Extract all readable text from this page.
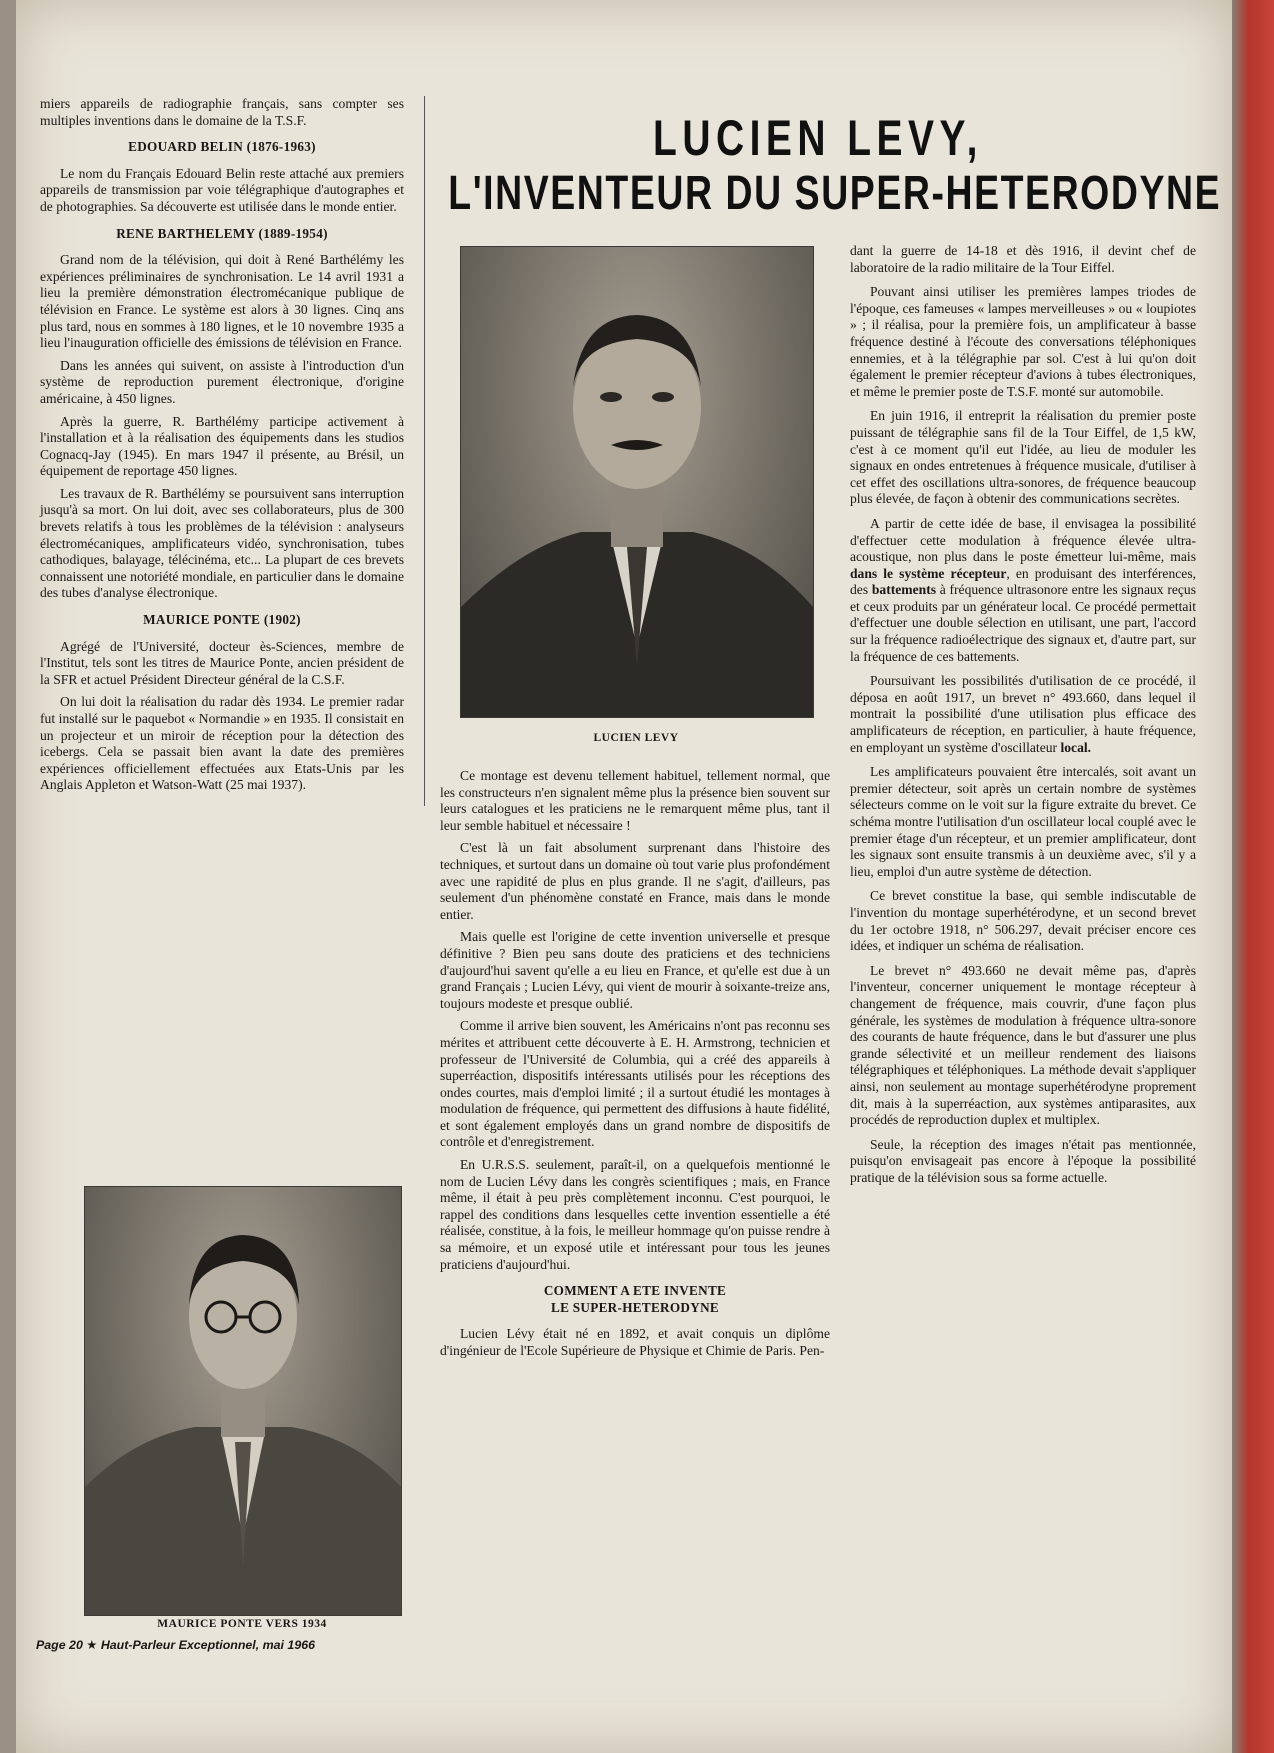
miers appareils de radiographie français, sans compter ses multiples inventions dans le domaine de la T.S.F.

EDOUARD BELIN (1876-1963)

Le nom du Français Edouard Belin reste attaché aux premiers appareils de transmission par voie télégraphique d'autographes et de photographies. Sa découverte est utilisée dans le monde entier.

RENE BARTHELEMY (1889-1954)

Grand nom de la télévision, qui doit à René Barthélémy les expériences préliminaires de synchronisation. Le 14 avril 1931 a lieu la première démonstration électromécanique publique de télévision en France. Le système est alors à 30 lignes. Cinq ans plus tard, nous en sommes à 180 lignes, et le 10 novembre 1935 a lieu l'inauguration officielle des émissions de télévision en France.

Dans les années qui suivent, on assiste à l'introduction d'un système de reproduction purement électronique, d'origine américaine, à 450 lignes.

Après la guerre, R. Barthélémy participe activement à l'installation et à la réalisation des équipements dans les studios Cognacq-Jay (1945). En mars 1947 il présente, au Brésil, un équipement de reportage 450 lignes.

Les travaux de R. Barthélémy se poursuivent sans interruption jusqu'à sa mort. On lui doit, avec ses collaborateurs, plus de 300 brevets relatifs à tous les problèmes de la télévision : analyseurs électromécaniques, amplificateurs vidéo, synchronisation, tubes cathodiques, balayage, télécinéma, etc... La plupart de ces brevets connaissent une notoriété mondiale, en particulier dans le domaine des tubes d'analyse électronique.

MAURICE PONTE (1902)

Agrégé de l'Université, docteur ès-Sciences, membre de l'Institut, tels sont les titres de Maurice Ponte, ancien président de la SFR et actuel Président Directeur général de la C.S.F.

On lui doit la réalisation du radar dès 1934. Le premier radar fut installé sur le paquebot « Normandie » en 1935. Il consistait en un projecteur et un miroir de réception pour la détection des icebergs. Cela se passait bien avant la date des premières expériences officiellement effectuées aux Etats-Unis par les Anglais Appleton et Watson-Watt (25 mai 1937).

LUCIEN LEVY,
L'INVENTEUR DU SUPER-HETERODYNE
LUCIEN LEVY
MAURICE PONTE VERS 1934
Page 20 ★ Haut-Parleur Exceptionnel, mai 1966

Ce montage est devenu tellement habituel, tellement normal, que les constructeurs n'en signalent même plus la présence bien souvent sur leurs catalogues et les praticiens ne le remarquent même plus, tant il leur semble habituel et nécessaire !

C'est là un fait absolument surprenant dans l'histoire des techniques, et surtout dans un domaine où tout varie plus profondément avec une rapidité de plus en plus grande. Il ne s'agit, d'ailleurs, pas seulement d'un phénomène constaté en France, mais dans le monde entier.

Mais quelle est l'origine de cette invention universelle et presque définitive ? Bien peu sans doute des praticiens et des techniciens d'aujourd'hui savent qu'elle a eu lieu en France, et qu'elle est due à un grand Français ; Lucien Lévy, qui vient de mourir à soixante-treize ans, toujours modeste et presque oublié.

Comme il arrive bien souvent, les Américains n'ont pas reconnu ses mérites et attribuent cette découverte à E. H. Armstrong, technicien et professeur de l'Université de Columbia, qui a créé des appareils à superréaction, dispositifs intéressants utilisés pour les réceptions des ondes courtes, mais d'emploi limité ; il a surtout étudié les montages à modulation de fréquence, qui permettent des diffusions à haute fidélité, et sont également employés dans un grand nombre de dispositifs de contrôle et d'enregistrement.

En U.R.S.S. seulement, paraît-il, on a quelquefois mentionné le nom de Lucien Lévy dans les congrès scientifiques ; mais, en France même, il était à peu près complètement inconnu. C'est pourquoi, le rappel des conditions dans lesquelles cette invention essentielle a été réalisée, constitue, à la fois, le meilleur hommage qu'on puisse rendre à sa mémoire, et un exposé utile et intéressant pour tous les jeunes praticiens d'aujourd'hui.

COMMENT A ETE INVENTE
LE SUPER-HETERODYNE

Lucien Lévy était né en 1892, et avait conquis un diplôme d'ingénieur de l'Ecole Supérieure de Physique et Chimie de Paris. Pen-

dant la guerre de 14-18 et dès 1916, il devint chef de laboratoire de la radio militaire de la Tour Eiffel.

Pouvant ainsi utiliser les premières lampes triodes de l'époque, ces fameuses « lampes merveilleuses » ou « loupiotes » ; il réalisa, pour la première fois, un amplificateur à basse fréquence destiné à l'écoute des conversations téléphoniques ennemies, et à la télégraphie par sol. C'est à lui qu'on doit également le premier récepteur d'avions à tubes électroniques, et même le premier poste de T.S.F. monté sur automobile.

En juin 1916, il entreprit la réalisation du premier poste puissant de télégraphie sans fil de la Tour Eiffel, de 1,5 kW, c'est à ce moment qu'il eut l'idée, au lieu de moduler les signaux en ondes entretenues à fréquence musicale, d'utiliser à cet effet des oscillations ultra-sonores, de fréquence beaucoup plus élevée, de façon à obtenir des communications secrètes.

A partir de cette idée de base, il envisagea la possibilité d'effectuer cette modulation à fréquence élevée ultra-acoustique, non plus dans le poste émetteur lui-même, mais dans le système récepteur, en produisant des interférences, des battements à fréquence ultrasonore entre les signaux reçus et ceux produits par un générateur local. Ce procédé permettait d'effectuer une double sélection en utilisant, une part, l'accord sur la fréquence radioélectrique des signaux et, d'autre part, sur la fréquence de ces battements.

Poursuivant les possibilités d'utilisation de ce procédé, il déposa en août 1917, un brevet n° 493.660, dans lequel il montrait la possibilité d'une utilisation plus efficace des amplificateurs de réception, en particulier, à haute fréquence, en employant un système d'oscillateur local.

Les amplificateurs pouvaient être intercalés, soit avant un premier détecteur, soit après un certain nombre de systèmes sélecteurs comme on le voit sur la figure extraite du brevet. Ce schéma montre l'utilisation d'un oscillateur local couplé avec le premier étage d'un récepteur, et un premier amplificateur, dont les signaux sont ensuite transmis à un deuxième avec, s'il y a lieu, emploi d'un autre système de détection.

Ce brevet constitue la base, qui semble indiscutable de l'invention du montage superhétérodyne, et un second brevet du 1er octobre 1918, n° 506.297, devait préciser encore ces idées, et indiquer un schéma de réalisation.

Le brevet n° 493.660 ne devait même pas, d'après l'inventeur, concerner uniquement le montage récepteur à changement de fréquence, mais couvrir, d'une façon plus générale, les systèmes de modulation à fréquence ultra-sonore des courants de haute fréquence, dans le but d'assurer une plus grande sélectivité et un meilleur rendement des liaisons télégraphiques et téléphoniques. La méthode devait s'appliquer ainsi, non seulement au montage superhétérodyne proprement dit, mais à la superréaction, aux systèmes antiparasites, aux procédés de reproduction duplex et multiplex.

Seule, la réception des images n'était pas mentionnée, puisqu'on envisageait pas encore à l'époque la possibilité pratique de la télévision sous sa forme actuelle.
